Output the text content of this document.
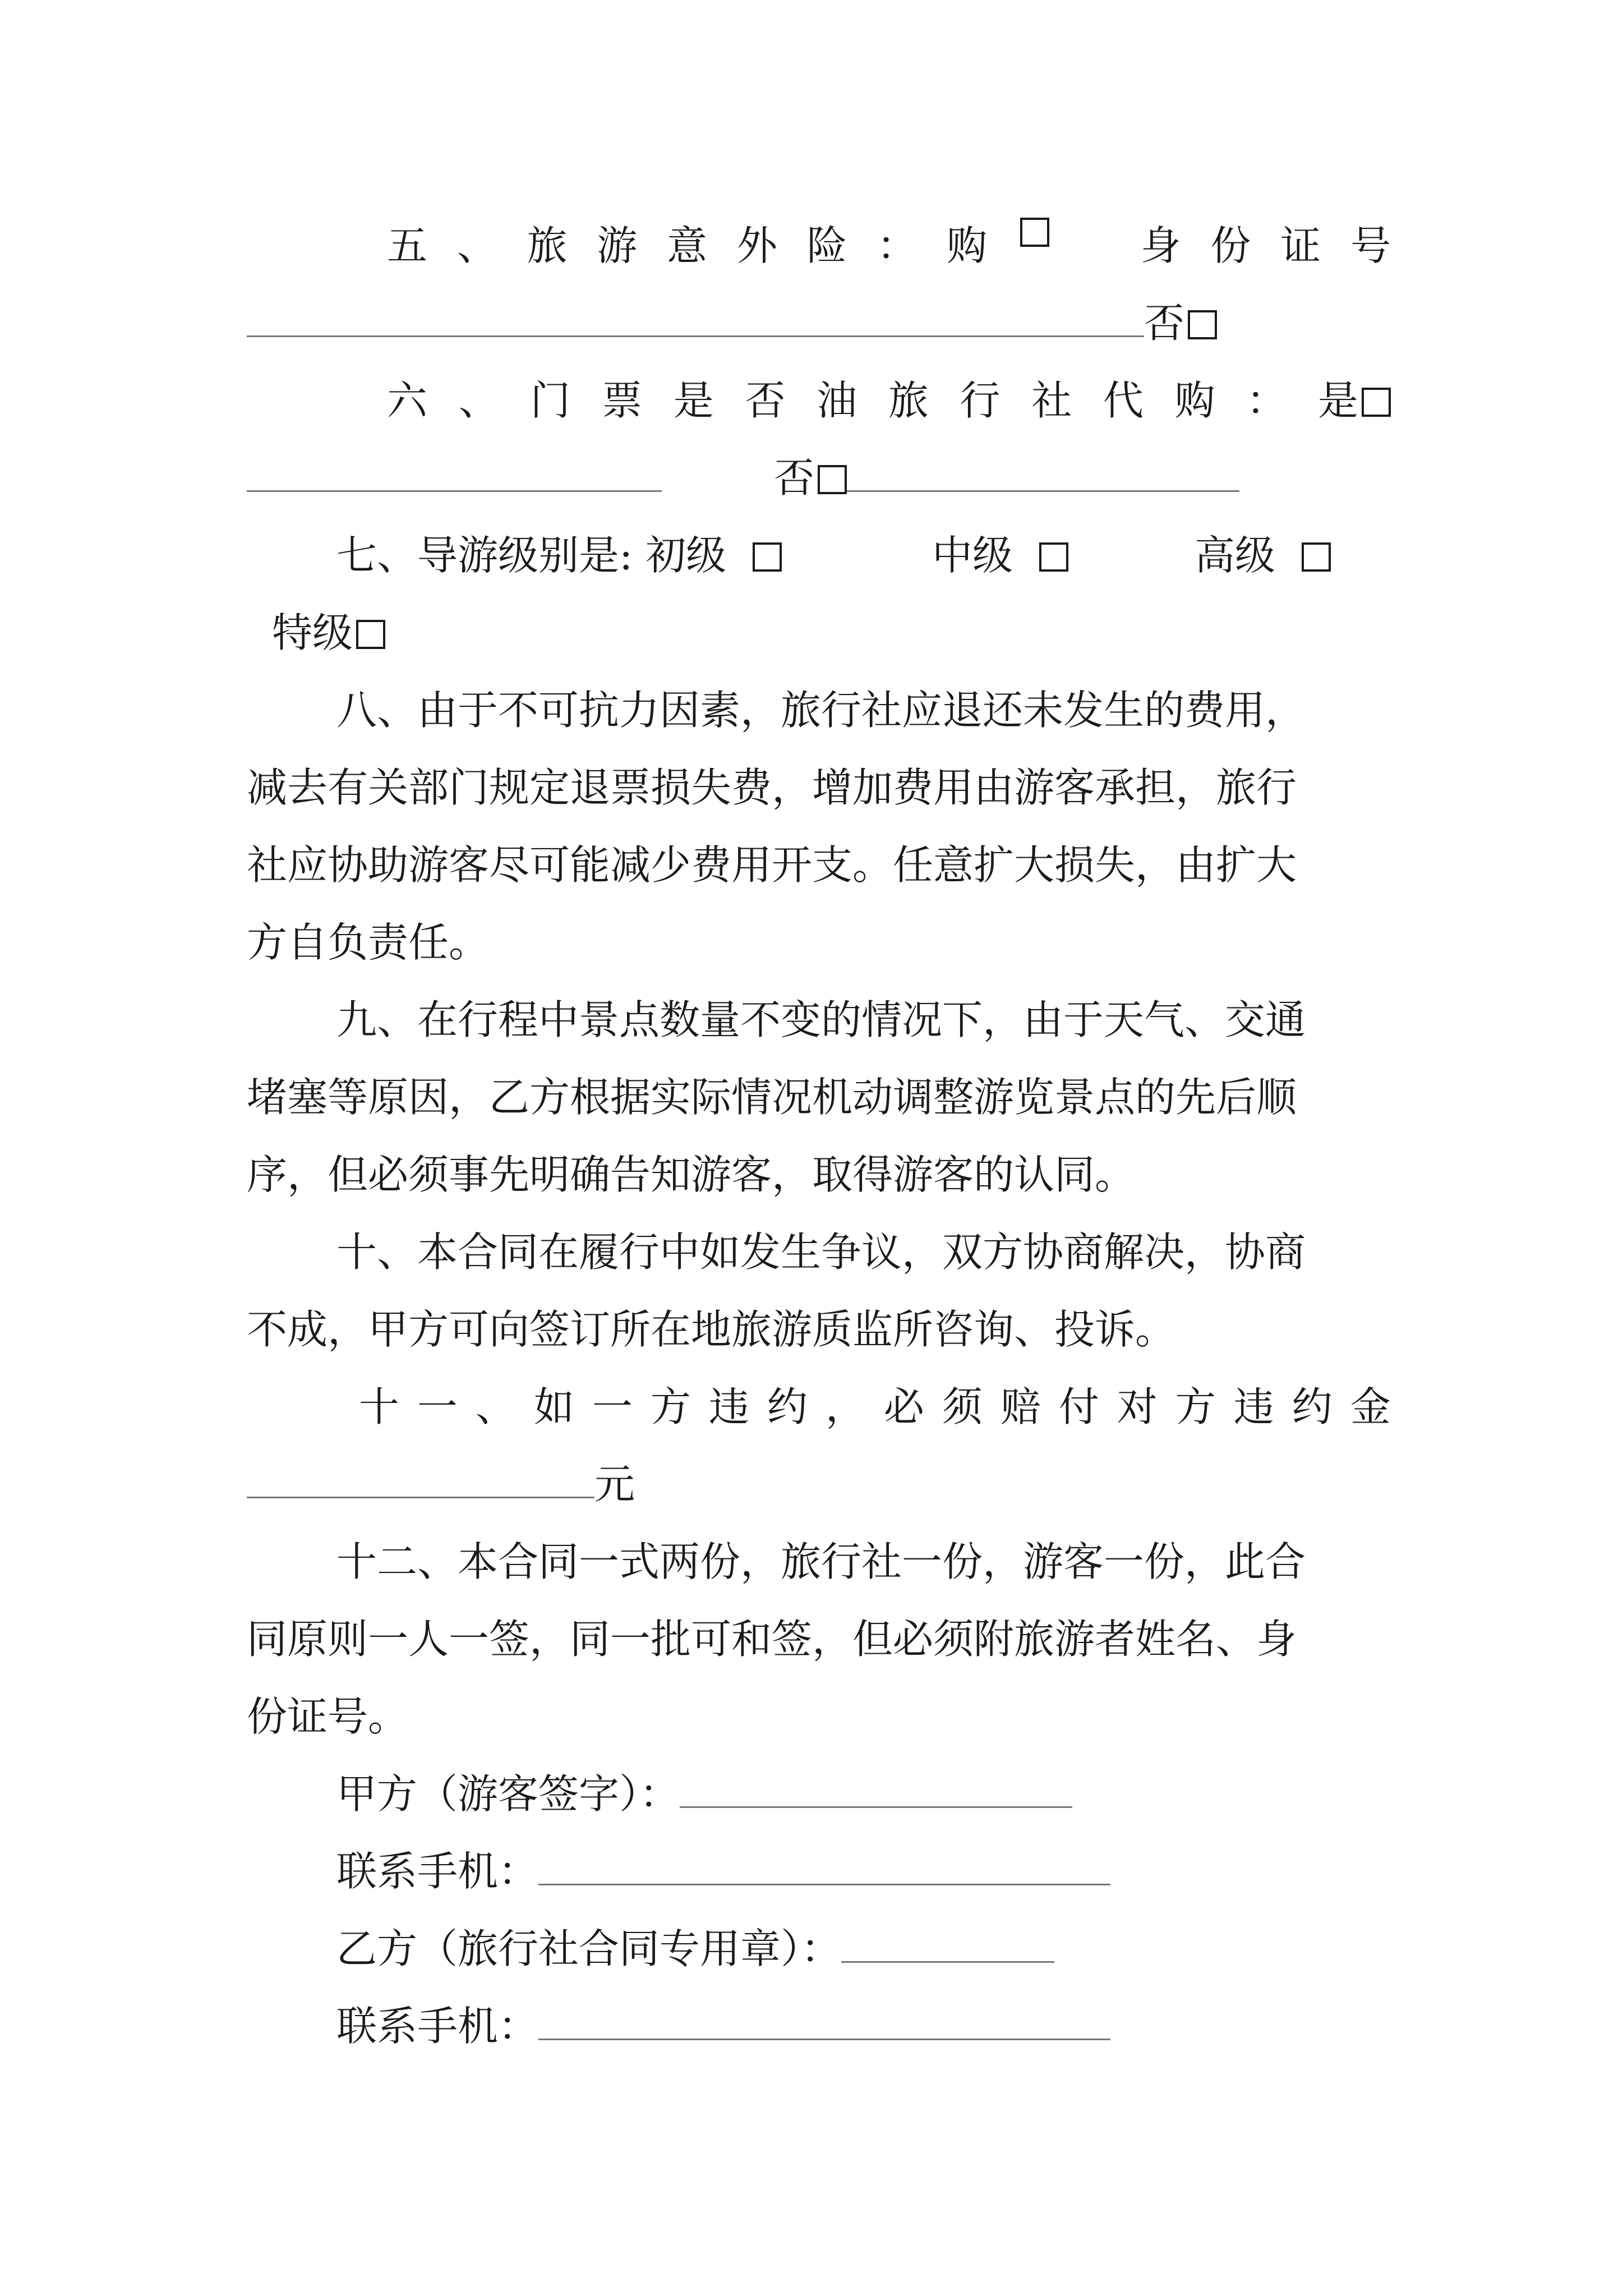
五 、 旅 游 意 外 险 ： 购	身 份 证 号
否
六 、 门 票 是 否 油 旅 行 社 代 购 ： 是
否
七、导游级别是: 初级	中级	高级
特级
八、由于不可抗力因素，旅行社应退还未发生的费用，
减去有关部门规定退票损失费，增加费用由游客承担，旅行
社应协助游客尽可能减少费用开支。任意扩大损失，由扩大
方自负责任。
九、在行程中景点数量不变的情况下，由于天气、交通
堵塞等原因，乙方根据实际情况机动调整游览景点的先后顺
序，但必须事先明确告知游客，取得游客的认同。
十、本合同在履行中如发生争议，双方协商解决，协商
不成，甲方可向签订所在地旅游质监所咨询、投诉。
十 一 、 如 一 方 违 约 ， 必 须 赔 付 对 方 违 约 金
元
十二、本合同一式两份，旅行社一份，游客一份，此合
同原则一人一签，同一批可和签，但必须附旅游者姓名、身
份证号。
甲方（游客签字）：
联系手机：
乙方（旅行社合同专用章）：
联系手机：
